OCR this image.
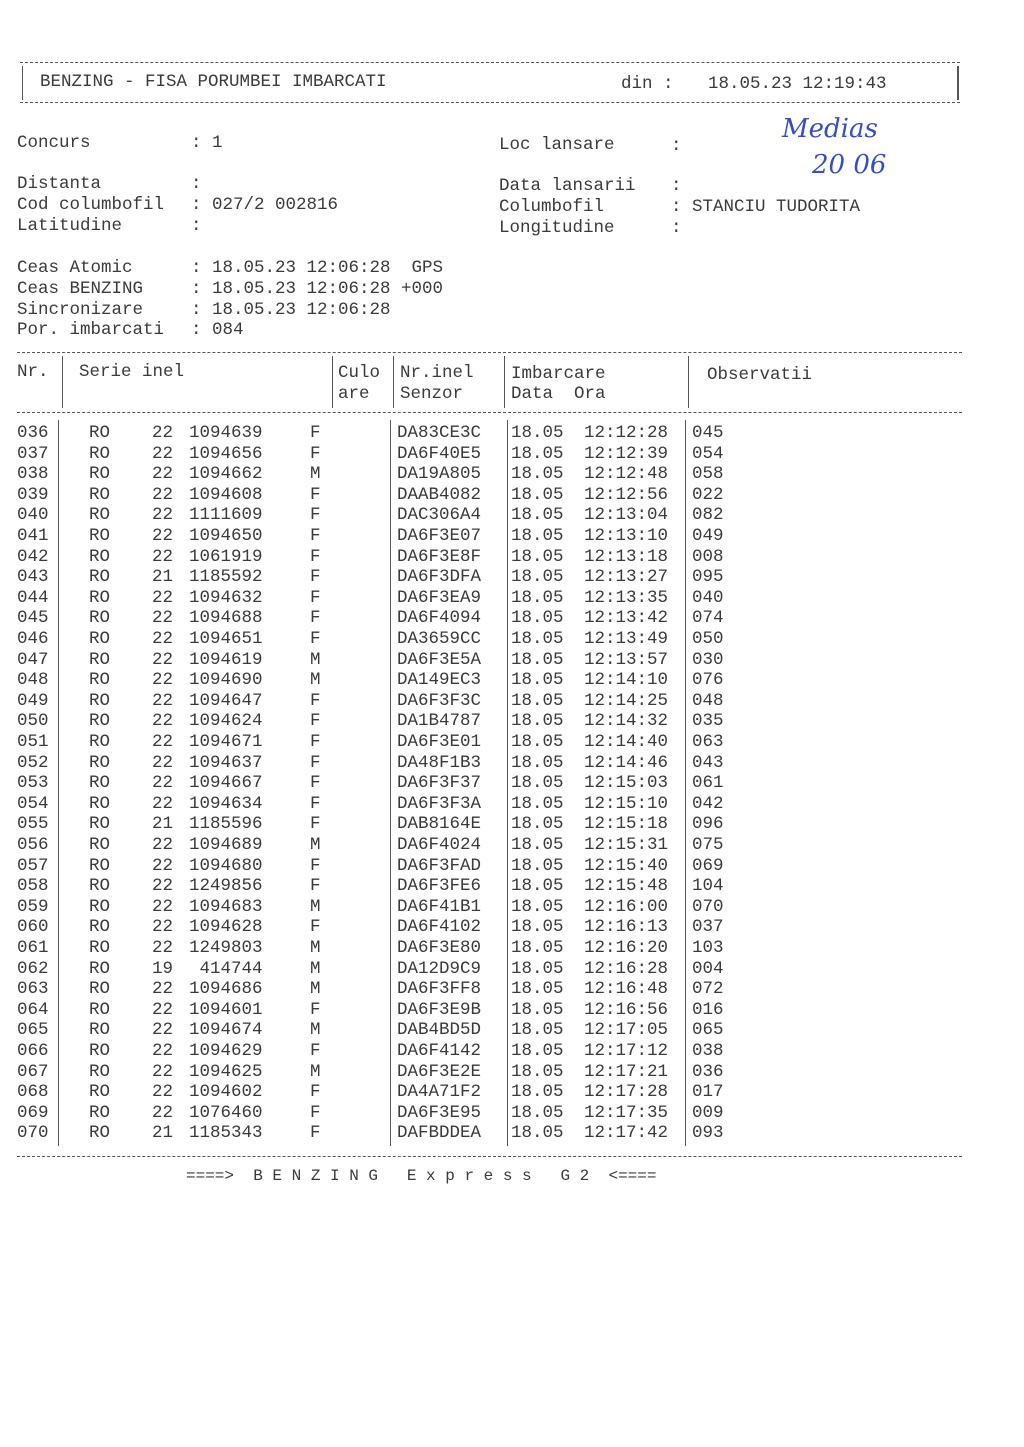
BENZING - FISA PORUMBEI IMBARCATI	din : 18.05.23 12:19:43
Concurs	: 1	Loc lansare	:
Medias
20 06
Distanta	:	Data lansarii :
Cod columbofil : 027/2 002816	Columbofil	: STANCIU TUDORITA
Latitudine	:	Longitudine	:
Ceas Atomic	: 18.05.23 12:06:28  GPS
Ceas BENZING	: 18.05.23 12:06:28 +000
Sincronizare	: 18.05.23 12:06:28
Por. imbarcati : 084
Nr. Serie inel	Culo
are
Nr.inel
Senzor
Imbarcare
Data  Ora
Observatii
036 RO 22 1094639	F	DA83CE3C 18.05 12:12:28 045
037 RO 22 1094656	F	DA6F40E5 18.05 12:12:39 054
038 RO 22 1094662	M	DA19A805 18.05 12:12:48 058
039 RO 22 1094608	F	DAAB4082 18.05 12:12:56 022
040 RO 22 1111609	F	DAC306A4 18.05 12:13:04 082
041 RO 22 1094650	F	DA6F3E07 18.05 12:13:10 049
042 RO 22 1061919	F	DA6F3E8F 18.05 12:13:18 008
043 RO 21 1185592	F	DA6F3DFA 18.05 12:13:27 095
044 RO 22 1094632	F	DA6F3EA9 18.05 12:13:35 040
045 RO 22 1094688	F	DA6F4094 18.05 12:13:42 074
046 RO 22 1094651	F	DA3659CC 18.05 12:13:49 050
047 RO 22 1094619	M	DA6F3E5A 18.05 12:13:57 030
048 RO 22 1094690	M	DA149EC3 18.05 12:14:10 076
049 RO 22 1094647	F	DA6F3F3C 18.05 12:14:25 048
050 RO 22 1094624	F	DA1B4787 18.05 12:14:32 035
051 RO 22 1094671	F	DA6F3E01 18.05 12:14:40 063
052 RO 22 1094637	F	DA48F1B3 18.05 12:14:46 043
053 RO 22 1094667	F	DA6F3F37 18.05 12:15:03 061
054 RO 22 1094634	F	DA6F3F3A 18.05 12:15:10 042
055 RO 21 1185596	F	DAB8164E 18.05 12:15:18 096
056 RO 22 1094689	M	DA6F4024 18.05 12:15:31 075
057 RO 22 1094680	F	DA6F3FAD 18.05 12:15:40 069
058 RO 22 1249856	F	DA6F3FE6 18.05 12:15:48 104
059 RO 22 1094683	M	DA6F41B1 18.05 12:16:00 070
060 RO 22 1094628	F	DA6F4102 18.05 12:16:13 037
061 RO 22 1249803	M	DA6F3E80 18.05 12:16:20 103
062 RO 19 414744	M	DA12D9C9 18.05 12:16:28 004
063 RO 22 1094686	M	DA6F3FF8 18.05 12:16:48 072
064 RO 22 1094601	F	DA6F3E9B 18.05 12:16:56 016
065 RO 22 1094674	M	DAB4BD5D 18.05 12:17:05 065
066 RO 22 1094629	F	DA6F4142 18.05 12:17:12 038
067 RO 22 1094625	M	DA6F3E2E 18.05 12:17:21 036
068 RO 22 1094602	F	DA4A71F2 18.05 12:17:28 017
069 RO 22 1076460	F	DA6F3E95 18.05 12:17:35 009
070 RO 21 1185343	F	DAFBDDEA 18.05 12:17:42 093
====>  B E N Z I N G   E x p r e s s   G 2  <====
